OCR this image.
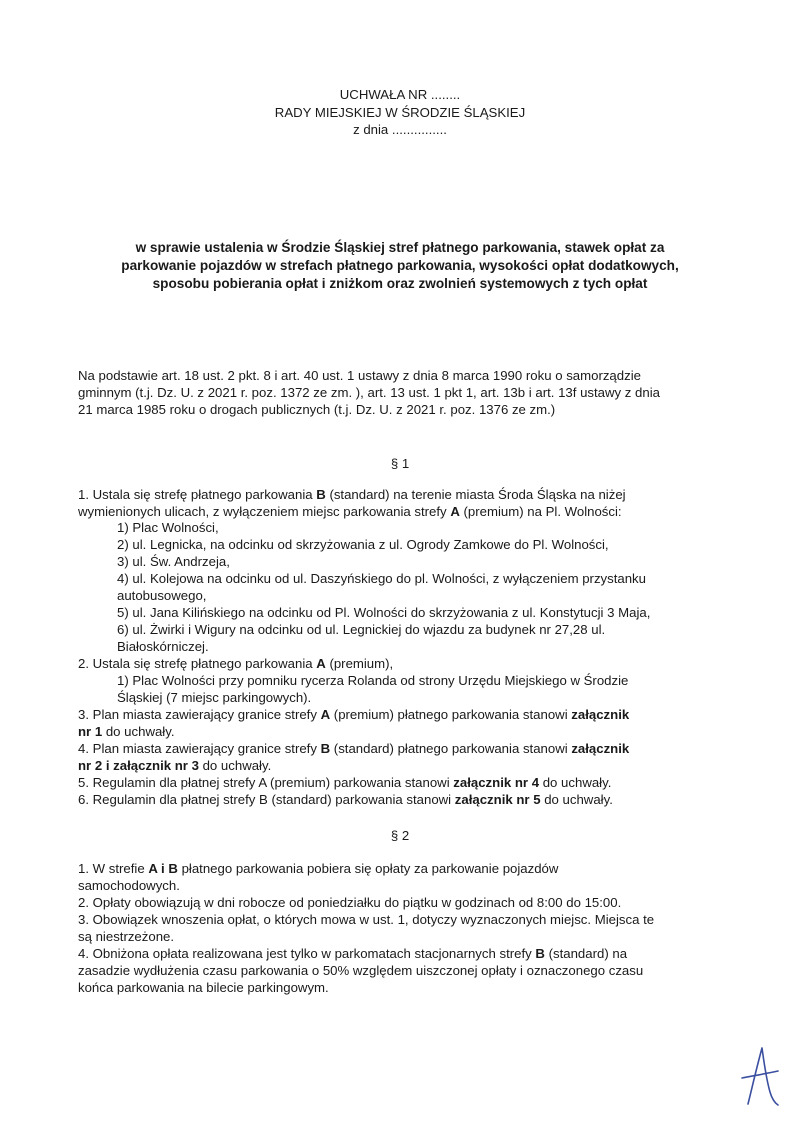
UCHWAŁA NR ........
RADY MIEJSKIEJ W ŚRODZIE ŚLĄSKIEJ
z dnia ...............
w sprawie ustalenia w Środzie Śląskiej stref płatnego parkowania, stawek opłat za
parkowanie pojazdów w strefach płatnego parkowania, wysokości opłat dodatkowych,
sposobu pobierania opłat i zniżkom oraz zwolnień systemowych z tych opłat
Na podstawie art. 18 ust. 2 pkt. 8 i art. 40 ust. 1 ustawy z dnia 8 marca 1990 roku o samorządzie
gminnym (t.j. Dz. U. z 2021 r. poz. 1372 ze zm. ), art. 13 ust. 1 pkt 1, art. 13b i art. 13f ustawy z dnia
21 marca 1985 roku o drogach publicznych (t.j. Dz. U. z 2021 r. poz. 1376 ze zm.)
§ 1
1. Ustala się strefę płatnego parkowania B (standard) na terenie miasta Środa Śląska na niżej
wymienionych ulicach, z wyłączeniem miejsc parkowania strefy A (premium) na Pl. Wolności:
1) Plac Wolności,
2) ul. Legnicka, na odcinku od skrzyżowania z ul. Ogrody Zamkowe do Pl. Wolności,
3) ul. Św. Andrzeja,
4) ul. Kolejowa na odcinku od ul. Daszyńskiego do pl. Wolności, z wyłączeniem przystanku
autobusowego,
5) ul. Jana Kilińskiego na odcinku od Pl. Wolności do skrzyżowania z ul. Konstytucji 3 Maja,
6) ul. Żwirki i Wigury na odcinku od ul. Legnickiej do wjazdu za budynek nr 27,28 ul.
Białoskórniczej.
2. Ustala się strefę płatnego parkowania A (premium),
1) Plac Wolności przy pomniku rycerza Rolanda od strony Urzędu Miejskiego w Środzie
Śląskiej (7 miejsc parkingowych).
3. Plan miasta zawierający granice strefy A (premium) płatnego parkowania stanowi załącznik
nr 1 do uchwały.
4. Plan miasta zawierający granice strefy B (standard) płatnego parkowania stanowi załącznik
nr 2 i załącznik nr 3 do uchwały.
5. Regulamin dla płatnej strefy A (premium) parkowania stanowi załącznik nr 4 do uchwały.
6. Regulamin dla płatnej strefy B (standard) parkowania stanowi załącznik nr 5 do uchwały.
§ 2
1. W strefie A i B płatnego parkowania pobiera się opłaty za parkowanie pojazdów
samochodowych.
2. Opłaty obowiązują w dni robocze od poniedziałku do piątku w godzinach od 8:00 do 15:00.
3. Obowiązek wnoszenia opłat, o których mowa w ust. 1, dotyczy wyznaczonych miejsc. Miejsca te
są niestrzeżone.
4. Obniżona opłata realizowana jest tylko w parkomatach stacjonarnych strefy B (standard) na
zasadzie wydłużenia czasu parkowania o 50% względem uiszczonej opłaty i oznaczonego czasu
końca parkowania na bilecie parkingowym.
